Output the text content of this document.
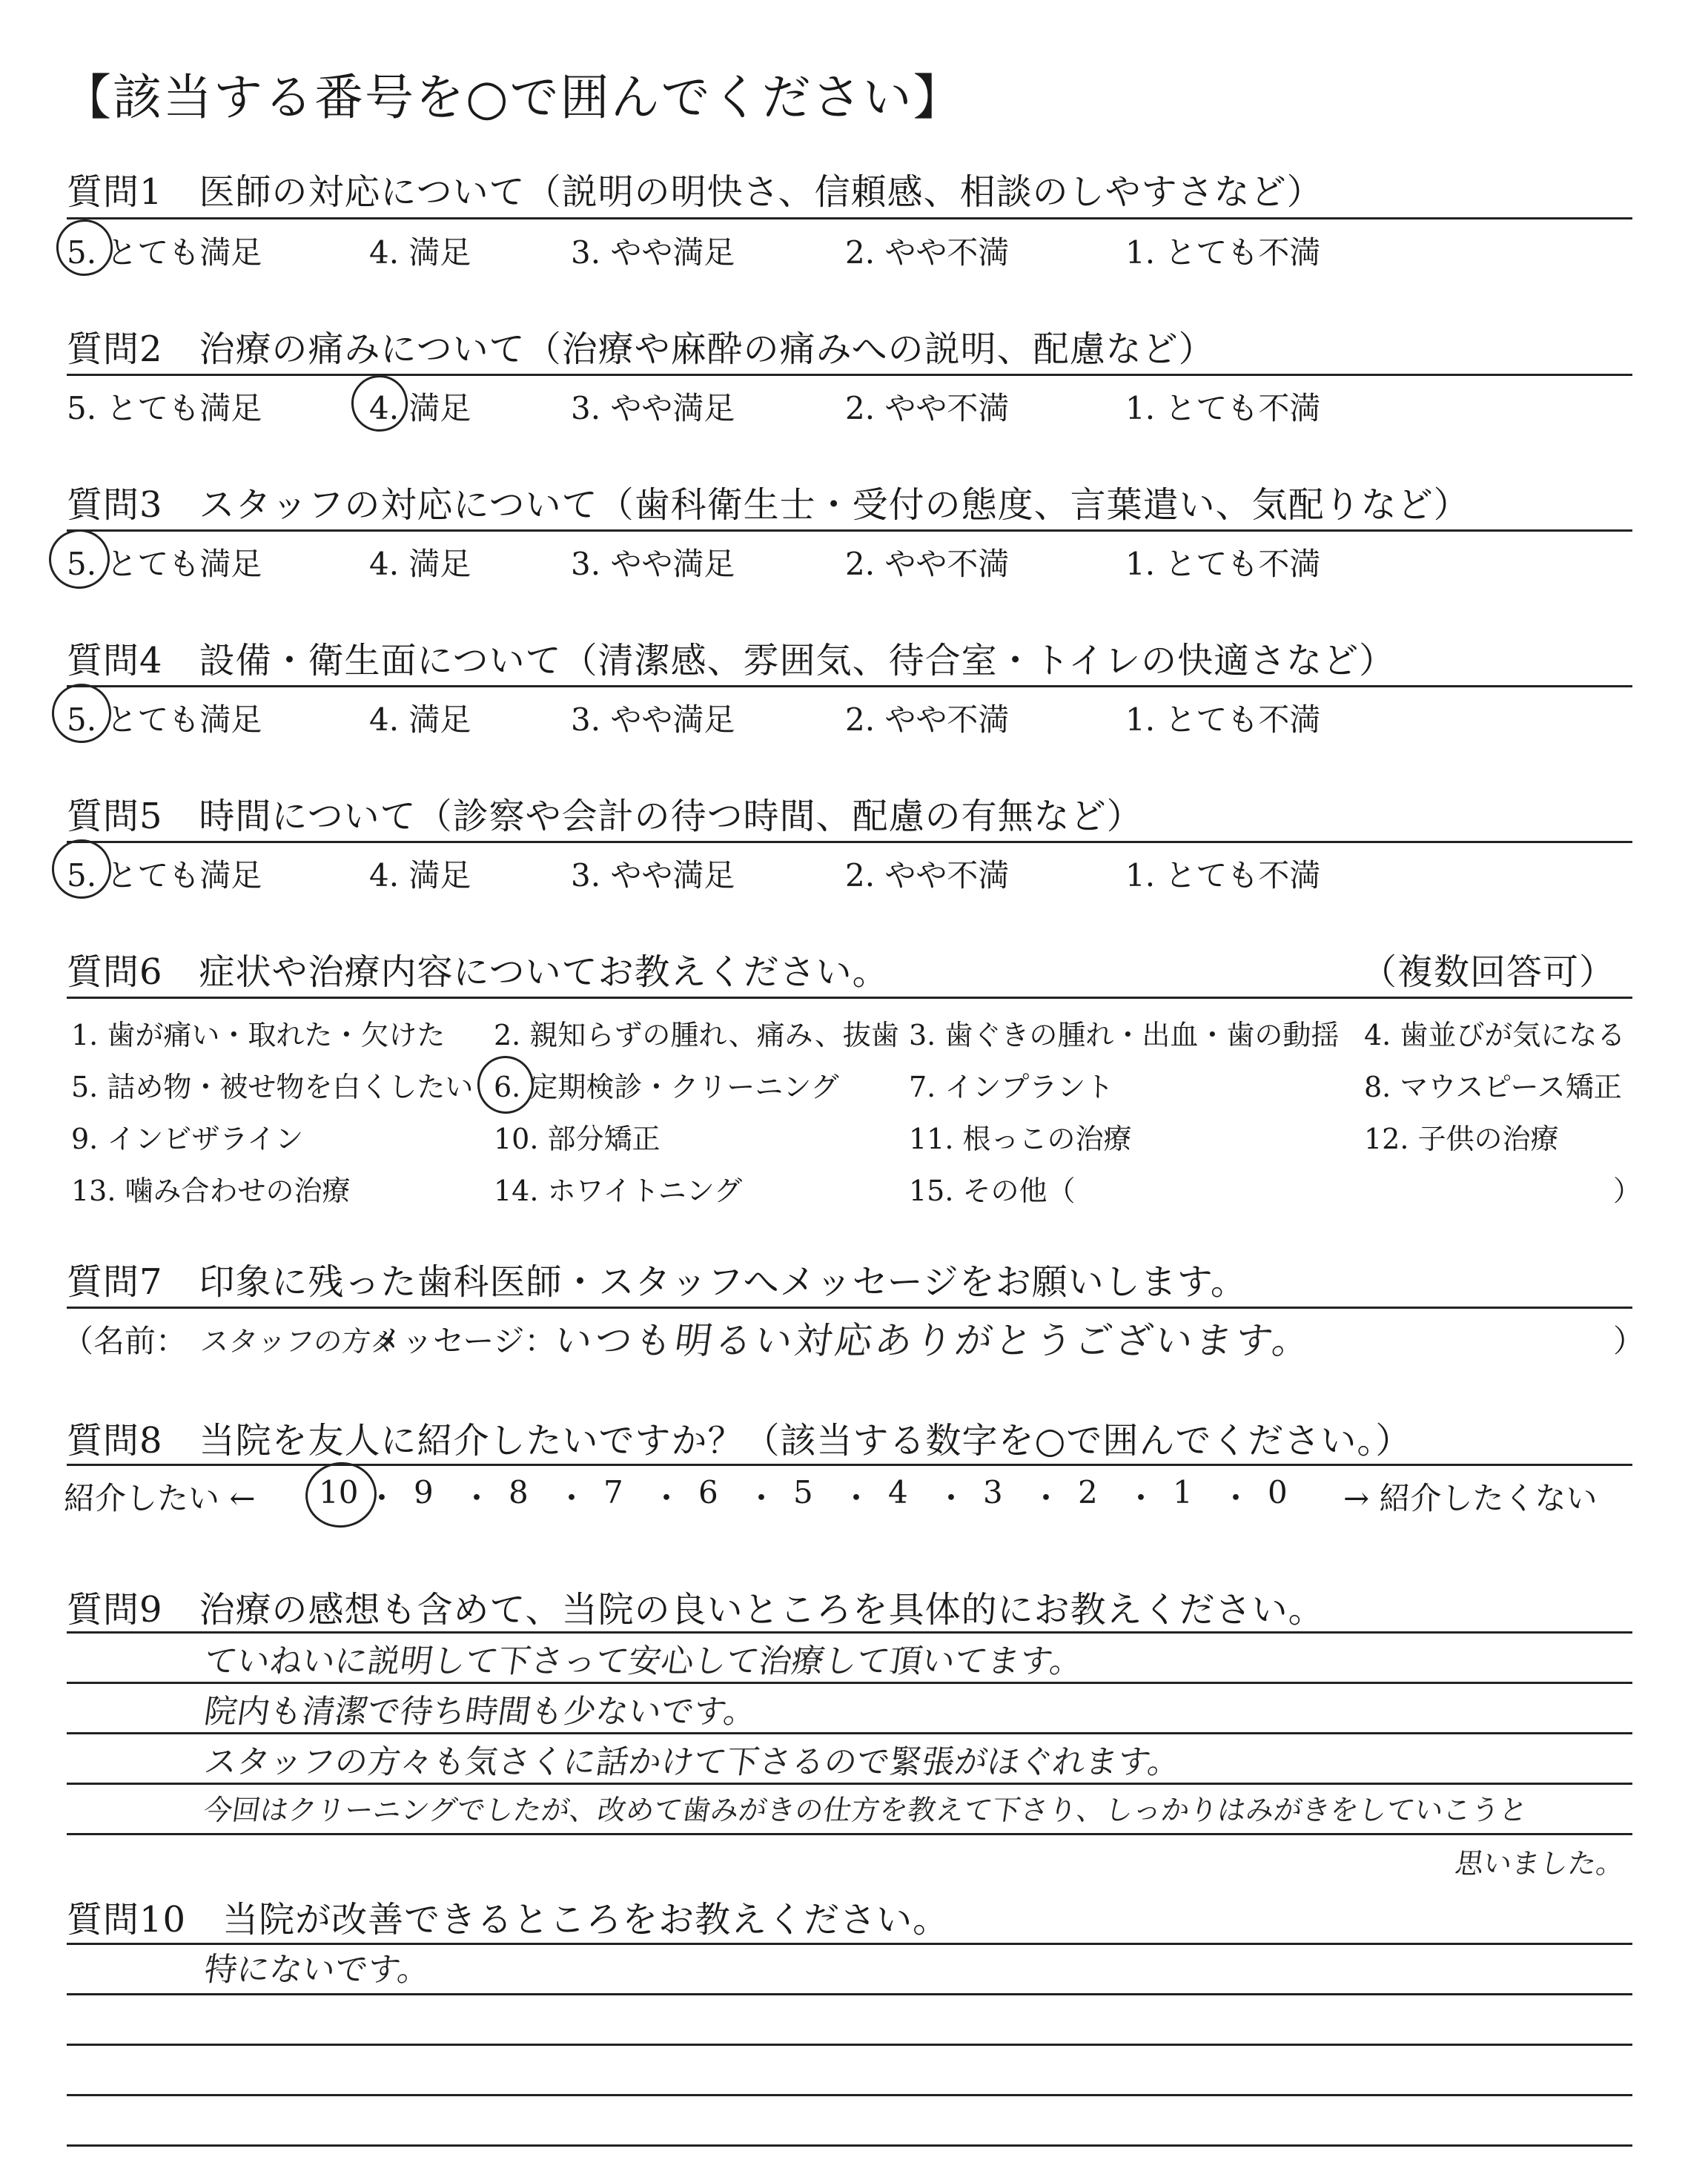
【該当する番号を○で囲んでください】
質問1　医師の対応について（説明の明快さ、信頼感、相談のしやすさなど）
5. とても満足	4. 満足	3. やや満足	2. やや不満	1. とても不満
質問2　治療の痛みについて（治療や麻酔の痛みへの説明、配慮など）
5. とても満足	4. 満足	3. やや満足	2. やや不満	1. とても不満
質問3　スタッフの対応について（歯科衛生士・受付の態度、言葉遣い、気配りなど）
5. とても満足	4. 満足	3. やや満足	2. やや不満	1. とても不満
質問4　設備・衛生面について（清潔感、雰囲気、待合室・トイレの快適さなど）
5. とても満足	4. 満足	3. やや満足	2. やや不満	1. とても不満
質問5　時間について（診察や会計の待つ時間、配慮の有無など）
5. とても満足	4. 満足	3. やや満足	2. やや不満	1. とても不満
質問6　症状や治療内容についてお教えください。	（複数回答可）
1. 歯が痛い・取れた・欠けた 2. 親知らずの腫れ、痛み、抜歯 3. 歯ぐきの腫れ・出血・歯の動揺 4. 歯並びが気になる
5. 詰め物・被せ物を白くしたい 6. 定期検診・クリーニング 7. インプラント	8. マウスピース矯正
9. インビザライン	10. 部分矯正	11. 根っこの治療	12. 子供の治療
13. 噛み合わせの治療	14. ホワイトニング	15. その他（	）
質問7　印象に残った歯科医師・スタッフへメッセージをお願いします。
（名前： スタッフの方々
メッセージ：
いつも明るい対応ありがとうございます。	）
質問8　当院を友人に紹介したいですか？（該当する数字を○で囲んでください。）
紹介したい ←	→ 紹介したくない
10 ・ 9 ・ 8 ・ 7 ・ 6 ・ 5 ・ 4 ・ 3 ・ 2 ・ 1 ・ 0
質問9　治療の感想も含めて、当院の良いところを具体的にお教えください。
ていねいに説明して下さって安心して治療して頂いてます。
院内も清潔で待ち時間も少ないです。
スタッフの方々も気さくに話かけて下さるので緊張がほぐれます。
今回はクリーニングでしたが、改めて歯みがきの仕方を教えて下さり、しっかりはみがきをしていこうと
思いました。
質問10　当院が改善できるところをお教えください。
特にないです。
